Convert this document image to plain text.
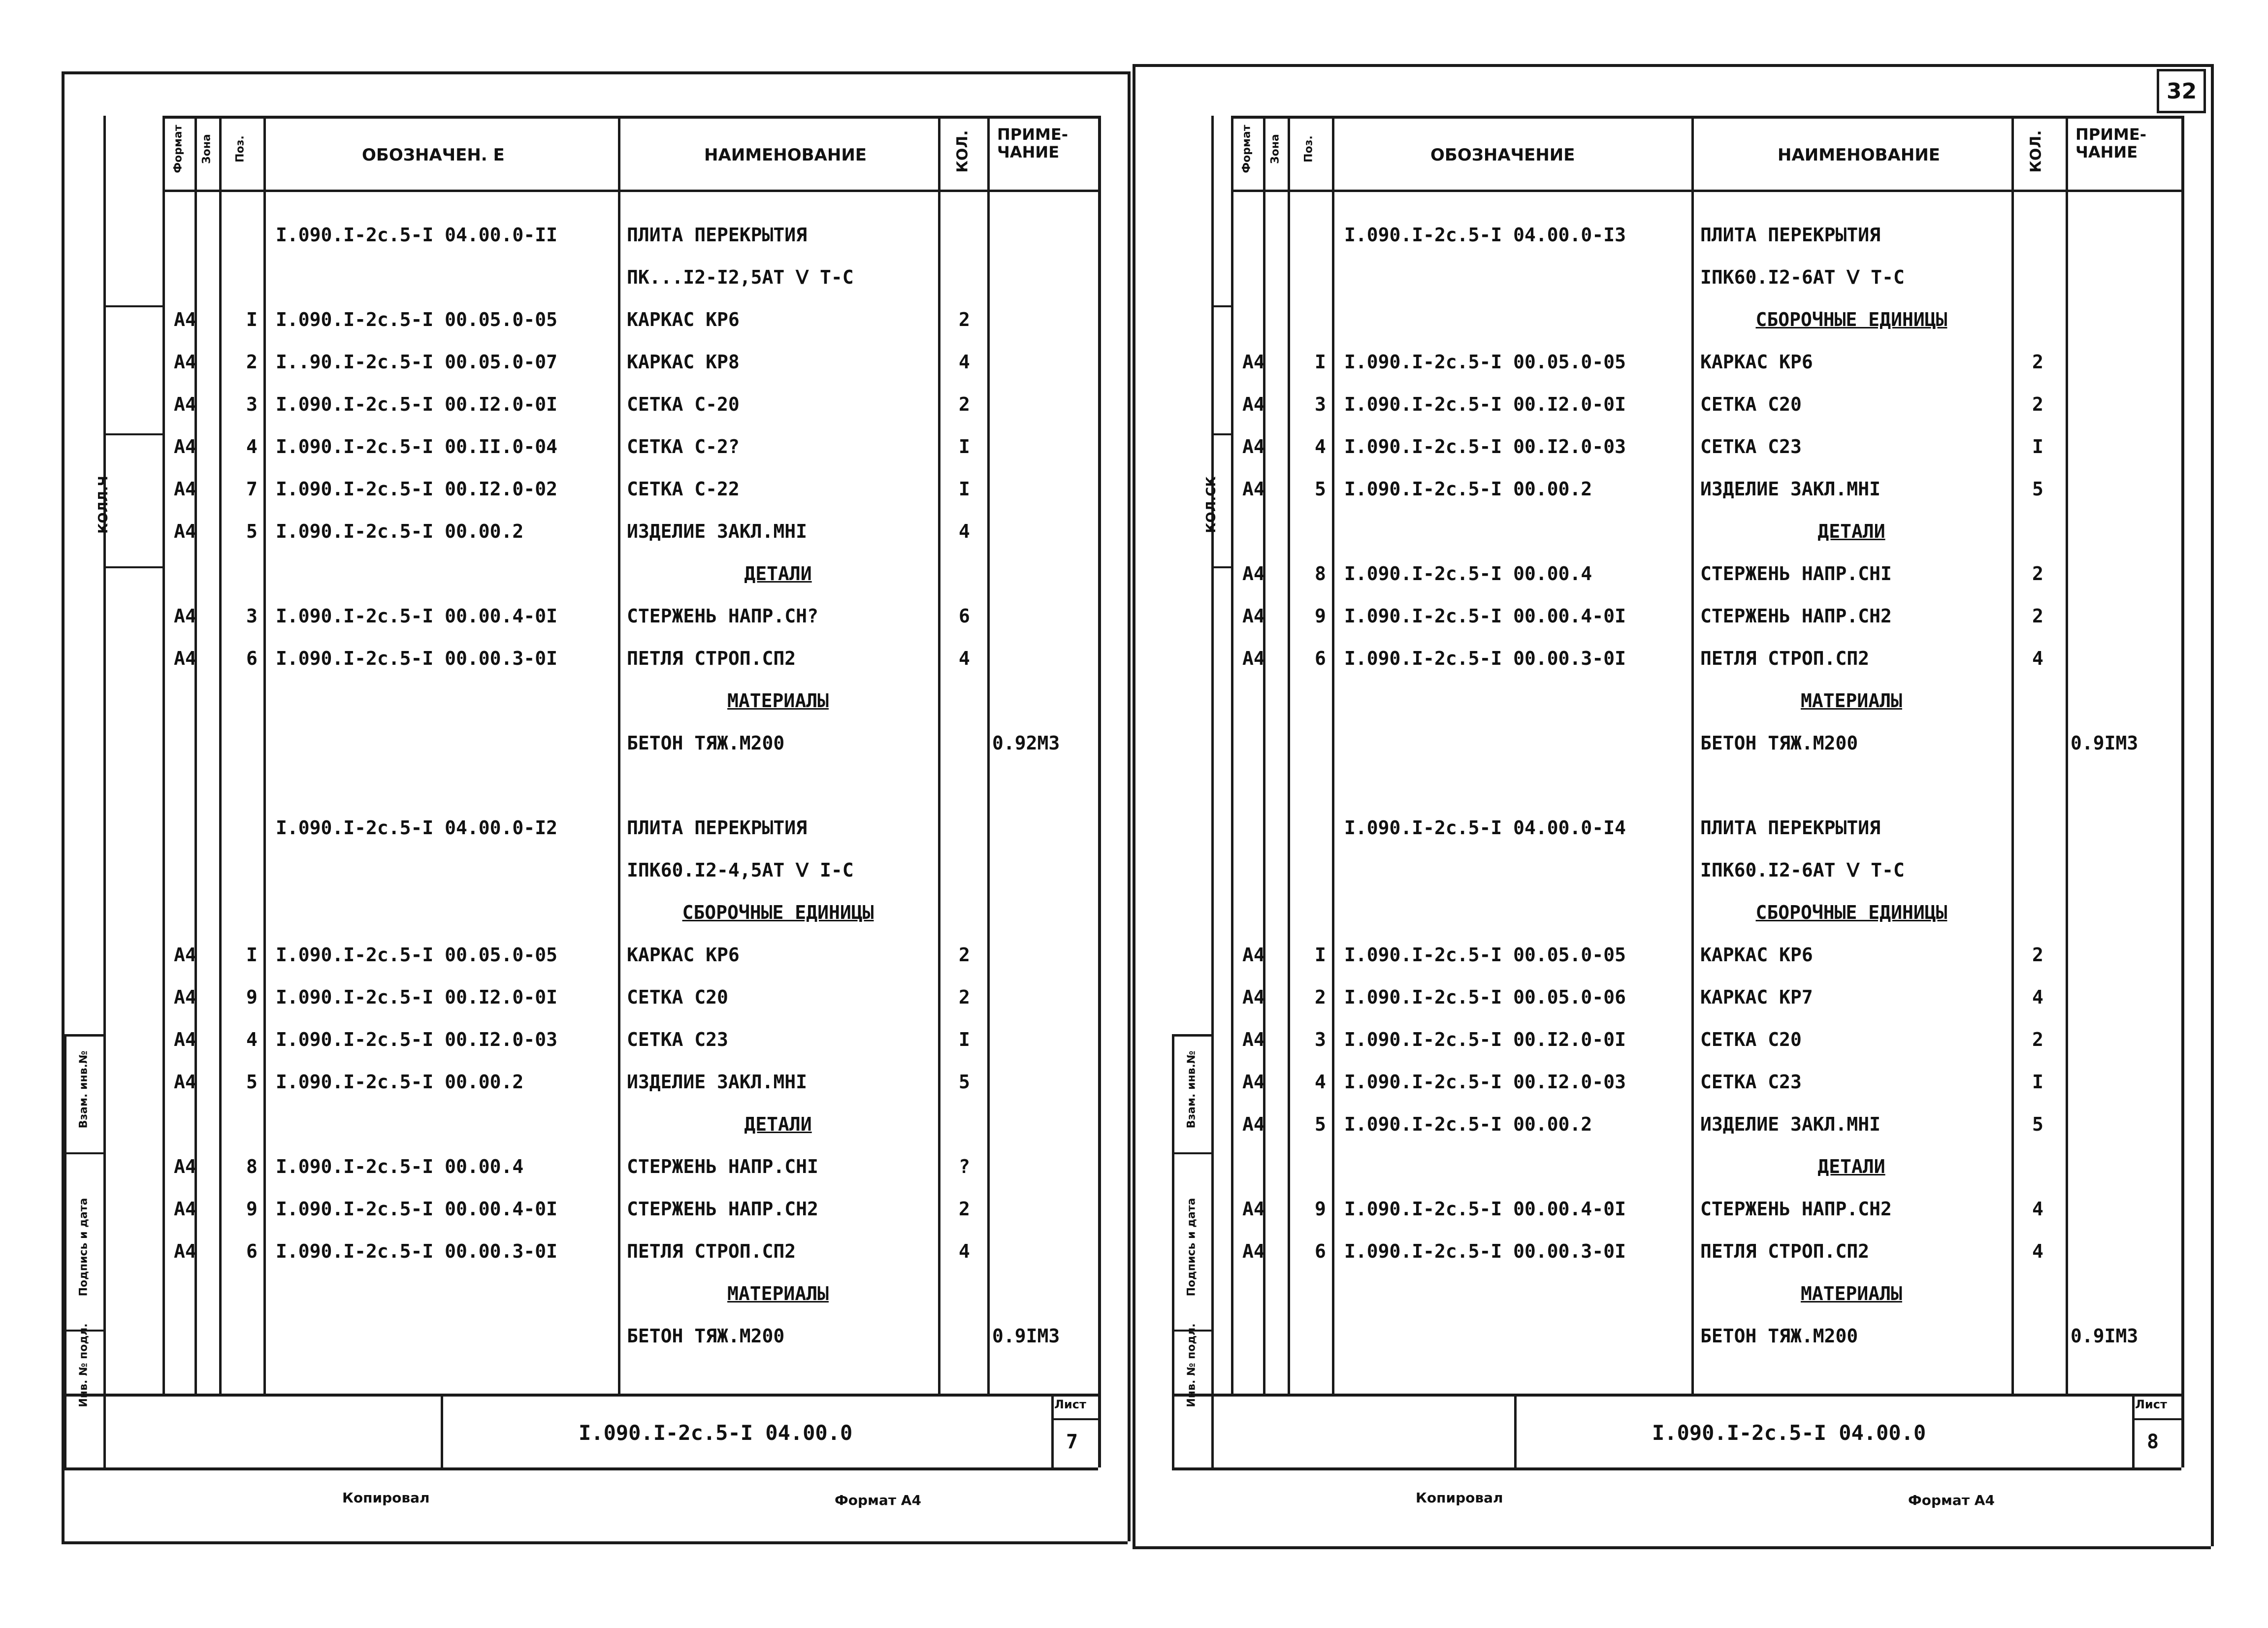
КОЛЛ.Ч
Инв. № подл.
Подпись и дата
Взам. инв.№
Формат Зона Поз.	ОБОЗНАЧЕН. Е	НАИМЕНОВАНИЕ	КОЛ. ПРИМЕ- ЧАНИЕ
I.090.I-2c.5-I 04.00.0-II	ПЛИТА ПЕРЕКРЫТИЯ
ПК...I2-I2,5АТ Ⅴ Т-С
А4	I I.090.I-2c.5-I 00.05.0-05	КАРКАС КР6	2
А4	2 I..90.I-2c.5-I 00.05.0-07	КАРКАС КР8	4
А4	3 I.090.I-2c.5-I 00.I2.0-0I	СЕТКА С-20	2
А4	4 I.090.I-2c.5-I 00.II.0-04	СЕТКА С-2?	I
А4	7 I.090.I-2c.5-I 00.I2.0-02	СЕТКА С-22	I
А4	5 I.090.I-2c.5-I 00.00.2	ИЗДЕЛИЕ ЗАКЛ.МНI	4
ДЕТАЛИ
А4	3 I.090.I-2c.5-I 00.00.4-0I	СТЕРЖЕНЬ НАПР.СН?	6
А4	6 I.090.I-2c.5-I 00.00.3-0I	ПЕТЛЯ СТРОП.СП2	4
МАТЕРИАЛЫ
БЕТОН ТЯЖ.М200	0.92М3
I.090.I-2c.5-I 04.00.0-I2	ПЛИТА ПЕРЕКРЫТИЯ
IПК60.I2-4,5АТ Ⅴ I-С
СБОРОЧНЫЕ ЕДИНИЦЫ
А4	I I.090.I-2c.5-I 00.05.0-05	КАРКАС КР6	2
А4	9 I.090.I-2c.5-I 00.I2.0-0I	СЕТКА С20	2
А4	4 I.090.I-2c.5-I 00.I2.0-03	СЕТКА С23	I
А4	5 I.090.I-2c.5-I 00.00.2	ИЗДЕЛИЕ ЗАКЛ.МНI	5
ДЕТАЛИ
А4	8 I.090.I-2c.5-I 00.00.4	СТЕРЖЕНЬ НАПР.СНI	?
А4	9 I.090.I-2c.5-I 00.00.4-0I	СТЕРЖЕНЬ НАПР.СН2	2
А4	6 I.090.I-2c.5-I 00.00.3-0I	ПЕТЛЯ СТРОП.СП2	4
МАТЕРИАЛЫ
БЕТОН ТЯЖ.М200	0.9IМ3
I.090.I-2c.5-I 04.00.0
Лист
7
Копировал	Формат А4
КОЛ.СК
Инв. № подл.
Подпись и дата
Взам. инв.№
Формат Зона Поз.	ОБОЗНАЧЕНИЕ	НАИМЕНОВАНИЕ	КОЛ. ПРИМЕ- ЧАНИЕ
I.090.I-2c.5-I 04.00.0-I3	ПЛИТА ПЕРЕКРЫТИЯ
IПК60.I2-6АТ Ⅴ Т-С
СБОРОЧНЫЕ ЕДИНИЦЫ
А4	I I.090.I-2c.5-I 00.05.0-05	КАРКАС КР6	2
А4	3 I.090.I-2c.5-I 00.I2.0-0I	СЕТКА С20	2
А4	4 I.090.I-2c.5-I 00.I2.0-03	СЕТКА С23	I
А4	5 I.090.I-2c.5-I 00.00.2	ИЗДЕЛИЕ ЗАКЛ.МНI	5
ДЕТАЛИ
А4	8 I.090.I-2c.5-I 00.00.4	СТЕРЖЕНЬ НАПР.СНI	2
А4	9 I.090.I-2c.5-I 00.00.4-0I	СТЕРЖЕНЬ НАПР.СН2	2
А4	6 I.090.I-2c.5-I 00.00.3-0I	ПЕТЛЯ СТРОП.СП2	4
МАТЕРИАЛЫ
БЕТОН ТЯЖ.М200	0.9IМ3
I.090.I-2c.5-I 04.00.0-I4	ПЛИТА ПЕРЕКРЫТИЯ
IПК60.I2-6АТ Ⅴ Т-С
СБОРОЧНЫЕ ЕДИНИЦЫ
А4	I I.090.I-2c.5-I 00.05.0-05	КАРКАС КР6	2
А4	2 I.090.I-2c.5-I 00.05.0-06	КАРКАС КР7	4
А4	3 I.090.I-2c.5-I 00.I2.0-0I	СЕТКА С20	2
А4	4 I.090.I-2c.5-I 00.I2.0-03	СЕТКА С23	I
А4	5 I.090.I-2c.5-I 00.00.2	ИЗДЕЛИЕ ЗАКЛ.МНI	5
ДЕТАЛИ
А4	9 I.090.I-2c.5-I 00.00.4-0I	СТЕРЖЕНЬ НАПР.СН2	4
А4	6 I.090.I-2c.5-I 00.00.3-0I	ПЕТЛЯ СТРОП.СП2	4
МАТЕРИАЛЫ
БЕТОН ТЯЖ.М200	0.9IМ3
I.090.I-2c.5-I 04.00.0
Лист
8
Копировал	Формат А4
32
